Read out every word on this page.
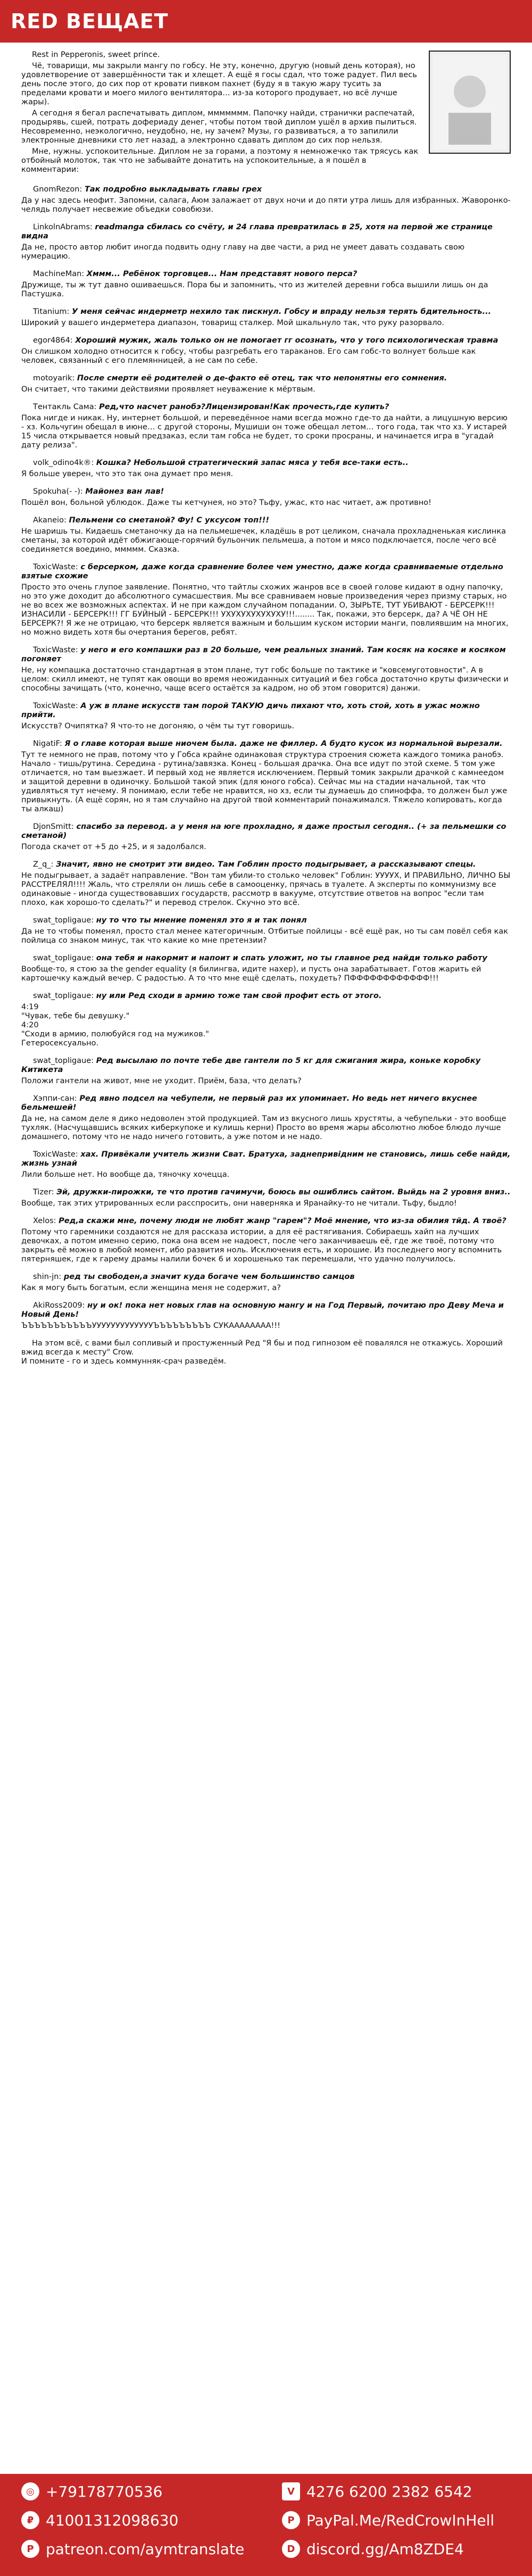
RED ВЕЩАЕТ

Rest in Pepperonis, sweet prince.

Чё, товарищи, мы закрыли мангу по гобсу. Не эту, конечно, другую (новый день которая), но удовлетворение от завершённости так и хлещет. А ещё я госы сдал, что тоже радует. Пил весь день после этого, до сих пор от кровати пивком пахнет (буду я в такую жару тусить за пределами кровати и моего милого вентилятора… из-за которого продувает, но всё лучше жары).

А сегодня я бегал распечатывать диплом, ммммммм. Папочку найди, странички распечатай, продырявь, сшей, потрать дофериаду денег, чтобы потом твой диплом ушёл в архив пылиться. Несовременно, неэкологично, неудобно, не, ну зачем? Музы, го развиваться, а то запилили электронные дневники сто лет назад, а электронно сдавать диплом до сих пор нельзя.

Мне, нужны. успокоительные. Диплом не за горами, а поэтому я немножечко так трясусь как отбойный молоток, так что не забывайте донатить на успокоительные, а я пошёл в комментарии:

GnomRezon: Так подробно выкладывать главы грех

Да у нас здесь неофит. Запомни, салага, Аюм залажает от двух ночи и до пяти утра лишь для избранных. Жаворонко-челядь получает несвежие объедки совобюзи.

LinkolnAbrams: readmanga сбилась со счёту, и 24 глава превратилась в 25, хотя на первой же странице видна

Да не, просто автор любит иногда подвить одну главу на две части, а рид не умеет давать создавать свою нумерацию.

MachineMan: Хммм... Ребёнок торговцев... Нам представят нового перса?

Дружище, ты ж тут давно ошиваешься. Пора бы и запомнить, что из жителей деревни гобса вышили лишь он да Пастушка.

Titanium: У меня сейчас индерметр нехило так пискнул. Гобсу и впраду нельзя терять бдительность...

Широкий у вашего индерметера диапазон, товарищ сталкер. Мой шкальнуло так, что руку разорвало.

egor4864: Хороший мужик, жаль только он не помогает гг осознать, что у того психологическая травма

Он слишком холодно относится к гобсу, чтобы разгребать его тараканов. Его сам гобс-то волнует больше как человек, связанный с его племянницей, а не сам по себе.

motoyarik: После смерти её родителей о де-факто её отец, так что непонятны его сомнения.

Он считает, что такими действиями проявляет неуважение к мёртвым.

Тентакль Сама: Ред,что насчет ранобэ?Лицензирован!Как прочесть,где купить?

Пока нигде и никак. Ну, интернет большой, и переведённое нами всегда можно где-то да найти, а лицушную версию - хз. Кольчугин обещал в июне… с другой стороны, Мушиши он тоже обещал летом… того года, так что хз. У истарей 15 числа открывается новый предзаказ, если там гобса не будет, то сроки просраны, и начинается игра в "угадай дату релиза".

volk_odino4k®: Кошка? Небольшой стратегический запас мяса у тебя все-таки есть..

Я больше уверен, что это так она думает про меня.

Spokuha(- -): Майонез ван лав!

Пошёл вон, больной ублюдок. Даже ты кетчунея, но это? Тьфу, ужас, кто нас читает, аж противно!

Akaneio: Пельмени со сметаной? Фу! С уксусом топ!!!

Не шаришь ты. Кидаешь сметаночку да на пельмешечек, кладёшь в рот целиком, сначала прохладненькая кислинка сметаны, за которой идёт обжигающе-горячий бульончик пельмеша, а потом и мясо подключается, после чего всё соединяется воедино, ммммм. Сказка.

ToxicWaste: с берсерком, даже когда сравнение более чем уместно, даже когда сравниваемые отдельно взятые схожие

Просто это очень глупое заявление. Понятно, что тайтлы схожих жанров все в своей голове кидают в одну папочку, но это уже доходит до абсолютного сумасшествия. Мы все сравниваем новые произведения через призму старых, но не во всех же возможных аспектах. И не при каждом случайном попадании. О, ЗЫРЬТЕ, ТУТ УБИВАЮТ - БЕРСЕРК!!! ИЗНАСИЛИ - БЕРСЕРК!!! ГГ БУЙНЫЙ - БЕРСЕРК!!! УХУХУХУХУХУХУ!!!........ Так, покажи, это берсерк, да? А ЧЁ ОН НЕ БЕРСЕРК?! Я же не отрицаю, что берсерк является важным и большим куском истории манги, повлиявшим на многих, но можно видеть хотя бы очертания берегов, ребят.

ToxicWaste: у него и его компашки раз в 20 больше, чем реальных знаний. Там косяк на косяке и косяком погоняет

Не, ну компашка достаточно стандартная в этом плане, тут гобс больше по тактике и "ковсемуготовности". А в целом: скилл имеют, не тупят как овощи во время неожиданных ситуаций и без гобса достаточно круты физически и способны зачищать (что, конечно, чаще всего остаётся за кадром, но об этом говорится) данжи.

ToxicWaste: А уж в плане искусств там порой ТАКУЮ дичь пихают что, хоть стой, хоть в ужас можно прийти.

Искусств? Очипятка? Я что-то не догоняю, о чём ты тут говоришь.

NigatiF: Я о главе которая выше ниочем была. даже не филлер. А будто кусок из нормальной вырезали.

Тут те немного не прав, потому что у Гобса крайне одинаковая структура строения сюжета каждого томика ранобэ. Начало - тишь/рутина. Середина - рутина/завязка. Конец - большая драчка. Она все идут по этой схеме. 5 том уже отличается, но там выезжает. И первый ход не является исключением. Первый томик закрыли драчкой с камнеедом и защитой деревни в одиночку. Большой такой эпик (для юного гобса). Сейчас мы на стадии начальной, так что удивляться тут нечему. Я понимаю, если тебе не нравится, но хз, если ты думаешь до спиноффа, то должен был уже привыкнуть. (А ещё сорян, но я там случайно на другой твой комментарий понажимался. Тяжело копировать, когда ты алкаш)

DjonSmitt: спасибо за перевод. а у меня на юге прохладно, я даже простыл сегодня.. (+ за пельмешки со сметаной)

Погода скачет от +5 до +25, и я задолбался.

Z_q_: Значит, явно не смотрит эти видео. Там Гоблин просто подыгрывает, а рассказывают спецы.

Не подыгрывает, а задаёт направление. "Вон там убили-то столько человек" Гоблин: УУУУХ, И ПРАВИЛЬНО, ЛИЧНО БЫ РАССТРЕЛЯЛ!!!! Жаль, что стреляли он лишь себе в самооценку, прячась в туалете. А эксперты по коммунизму все одинаковые - иногда существовавших государств, рассмотр в вакууме, отсутствие ответов на вопрос "если там плохо, как хорошо-то сделать?" и перевод стрелок. Скучно это всё.

swat_topligaue: ну то что ты мнение поменял это я и так понял

Да не то чтобы поменял, просто стал менее категоричным. Отбитые пойлицы - всё ещё рак, но ты сам повёл себя как пойлица со знаком минус, так что какие ко мне претензии?

swat_topligaue: она тебя и накормит и напоит и спать уложит, но ты главное ред найди только работу

Вообще-то, я стою за the gender equality (я билингва, идите нахер), и пусть она зарабатывает. Готов жарить ей картошечку каждый вечер. С радостью. А то что мне ещё сделать, похудеть? ПФФФФФФФФФФФФ!!!

swat_topligaue: ну или Ред сходи в армию тоже там свой профит есть от этого.

4:19
"Чувак, тебе бы девушку."
4:20
"Сходи в армию, полюбуйся год на мужиков."
Гетеросексуально.

swat_topligaue: Ред высылаю по почте тебе две гантели по 5 кг для сжигания жира, коньке коробку Китикета

Положи гантели на живот, мне не уходит. Приём, база, что делать?

Хэппи-сан: Ред явно подсел на чебупели, не первый раз их упоминает. Но ведь нет ничего вкуснее бельмешей!

Да не, на самом деле я дико недоволен этой продукцией. Там из вкусного лишь хрустяты, а чебупельки - это вообще тухляк. (Насчущавшись всяких киберкупоке и кулишь керни) Просто во время жары абсолютно любое блюдо лучше домашнего, потому что не надо ничего готовить, а уже потом и не надо.

ToxicWaste: хах. Привёкали учитель жизни Сват. Братуха, заднепривідним не становись, лишь себе найди, жизнь узнай

Лили больше нет. Но вообще да, тяночку хочецца.

Tizer: Эй, дружки-пирожки, те что против гачимучи, боюсь вы ошиблись сайтом. Выйдь на 2 уровня вниз..

Вообще, так этих утрированных если расспросить, они наверняка и Яранайку-то не читали. Тьфу, быдло!

Xelos: Ред,а скажи мне, почему люди не любят жанр "гарем"? Моё мнение, что из-за обилия тйд. А твоё?

Потому что гаремники создаются не для рассказа истории, а для её растягивания. Собираешь хайп на лучших девочках, а потом именно серию, пока она всем не надоест, после чего заканчиваешь её, где же твоё, потому что закрыть её можно в любой момент, ибо развития ноль. Исключения есть, и хорошие. Из последнего могу вспомнить пятерняшек, где к гарему драмы налили бочек 6 и хорошенько так перемешали, что удачно получилось.

shin-jn: ред ты свободен,а значит куда богаче чем большинство самцов

Как я могу быть богатым, если женщина меня не содержит, а?

AkiRoss2009: ну и ок! пока нет новых глав на основную мангу и на Год Первый, почитаю про Деву Меча и Новый День!

ЪЪЪЪЪЪЪЪЪЪЪУУУУУУУУУУУУУЪЪЪЪЪЪЪЪЪ СУКАААААААА!!!

На этом всё, с вами был сопливый и простуженный Ред "Я бы и под гипнозом её повалялся не откажусь. Хороший вжид всегда к месту" Crow.
И помните - го и здесь коммунняк-срач разведём.

◎ +79178770536
₽ 41001312098630
P patreon.com/aymtranslate
V 4276 6200 2382 6542
P PayPal.Me/RedCrowInHell
D discord.gg/Am8ZDE4
